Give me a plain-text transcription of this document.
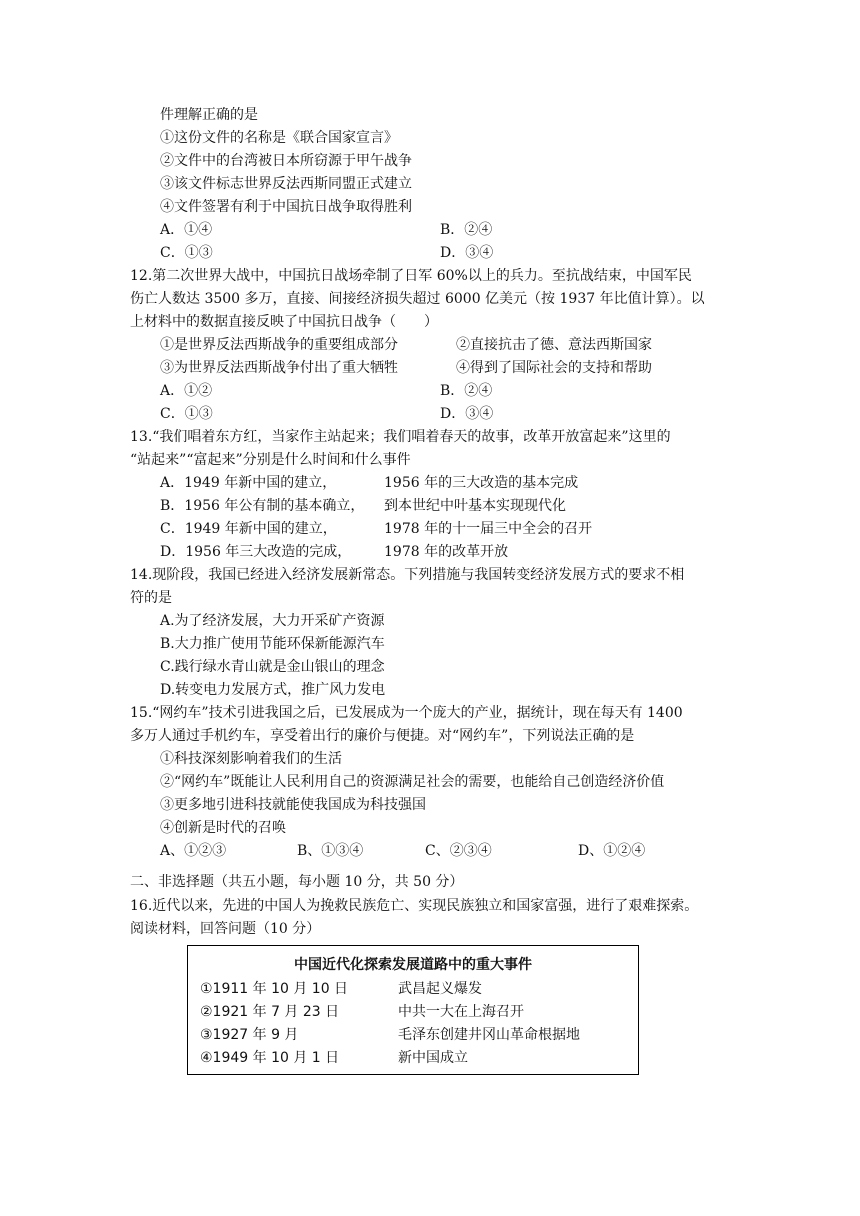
件理解正确的是
①这份文件的名称是《联合国家宣言》
②文件中的台湾被日本所窃源于甲午战争
③该文件标志世界反法西斯同盟正式建立
④文件签署有利于中国抗日战争取得胜利
A．①④	B．②④
C．①③	D．③④
12.第二次世界大战中，中国抗日战场牵制了日军 60%以上的兵力。至抗战结束，中国军民
伤亡人数达 3500 多万，直接、间接经济损失超过 6000 亿美元（按 1937 年比值计算）。以
上材料中的数据直接反映了中国抗日战争（　　）
①是世界反法西斯战争的重要组成部分	②直接抗击了德、意法西斯国家
③为世界反法西斯战争付出了重大牺牲	④得到了国际社会的支持和帮助
A．①②	B．②④
C．①③	D．③④
13.“我们唱着东方红，当家作主站起来；我们唱着春天的故事，改革开放富起来”这里的
“站起来”“富起来”分别是什么时间和什么事件
A．1949 年新中国的建立，	1956 年的三大改造的基本完成
B．1956 年公有制的基本确立， 到本世纪中叶基本实现现代化
C．1949 年新中国的建立，	1978 年的十一届三中全会的召开
D．1956 年三大改造的完成， 1978 年的改革开放
14.现阶段，我国已经进入经济发展新常态。下列措施与我国转变经济发展方式的要求不相
符的是
A.为了经济发展，大力开采矿产资源
B.大力推广使用节能环保新能源汽车
C.践行绿水青山就是金山银山的理念
D.转变电力发展方式，推广风力发电
15.“网约车”技术引进我国之后，已发展成为一个庞大的产业，据统计，现在每天有 1400
多万人通过手机约车，享受着出行的廉价与便捷。对“网约车”，下列说法正确的是
①科技深刻影响着我们的生活
②“网约车”既能让人民利用自己的资源满足社会的需要，也能给自己创造经济价值
③更多地引进科技就能使我国成为科技强国
④创新是时代的召唤
A、①②③	B、①③④	C、②③④	D、①②④
二、非选择题（共五小题，每小题 10 分，共 50 分）
16.近代以来，先进的中国人为挽救民族危亡、实现民族独立和国家富强，进行了艰难探索。
阅读材料，回答问题（10 分）
中国近代化探索发展道路中的重大事件
①1911 年 10 月 10 日	武昌起义爆发
②1921 年 7 月 23 日	中共一大在上海召开
③1927 年 9 月	毛泽东创建井冈山革命根据地
④1949 年 10 月 1 日	新中国成立
